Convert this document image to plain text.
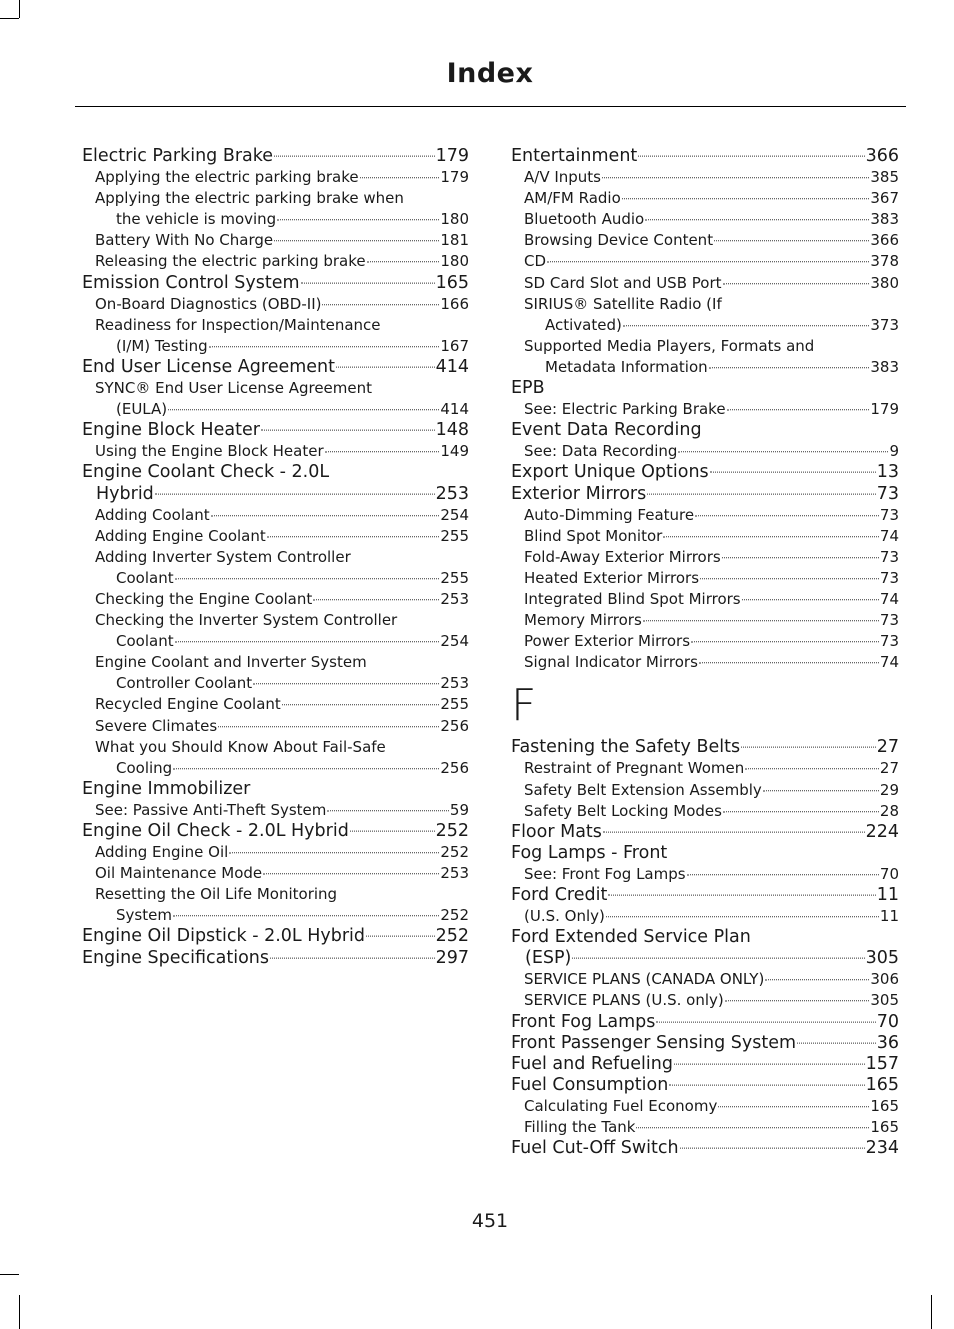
Index
Electric Parking Brake	179
Applying the electric parking brake	179
Applying the electric parking brake when
the vehicle is moving	180
Battery With No Charge	181
Releasing the electric parking brake	180
Emission Control System	165
On-Board Diagnostics (OBD-II)	166
Readiness for Inspection/Maintenance
(I/M) Testing	167
End User License Agreement	414
SYNC® End User License Agreement
(EULA)	414
Engine Block Heater	148
Using the Engine Block Heater	149
Engine Coolant Check - 2.0L
Hybrid	253
Adding Coolant	254
Adding Engine Coolant	255
Adding Inverter System Controller
Coolant	255
Checking the Engine Coolant	253
Checking the Inverter System Controller
Coolant	254
Engine Coolant and Inverter System
Controller Coolant	253
Recycled Engine Coolant	255
Severe Climates	256
What you Should Know About Fail-Safe
Cooling	256
Engine Immobilizer
See: Passive Anti-Theft System	59
Engine Oil Check - 2.0L Hybrid	252
Adding Engine Oil	252
Oil Maintenance Mode	253
Resetting the Oil Life Monitoring
System	252
Engine Oil Dipstick - 2.0L Hybrid	252
Engine Specifications	297
Entertainment	366
A/V Inputs	385
AM/FM Radio	367
Bluetooth Audio	383
Browsing Device Content	366
CD	378
SD Card Slot and USB Port	380
SIRIUS® Satellite Radio (If
Activated)	373
Supported Media Players, Formats and
Metadata Information	383
EPB
See: Electric Parking Brake	179
Event Data Recording
See: Data Recording	9
Export Unique Options	13
Exterior Mirrors	73
Auto-Dimming Feature	73
Blind Spot Monitor	74
Fold-Away Exterior Mirrors	73
Heated Exterior Mirrors	73
Integrated Blind Spot Mirrors	74
Memory Mirrors	73
Power Exterior Mirrors	73
Signal Indicator Mirrors	74
F
Fastening the Safety Belts	27
Restraint of Pregnant Women	27
Safety Belt Extension Assembly	29
Safety Belt Locking Modes	28
Floor Mats	224
Fog Lamps - Front
See: Front Fog Lamps	70
Ford Credit	11
(U.S. Only)	11
Ford Extended Service Plan
(ESP)	305
SERVICE PLANS (CANADA ONLY)	306
SERVICE PLANS (U.S. only)	305
Front Fog Lamps	70
Front Passenger Sensing System	36
Fuel and Refueling	157
Fuel Consumption	165
Calculating Fuel Economy	165
Filling the Tank	165
Fuel Cut-Off Switch	234
451
